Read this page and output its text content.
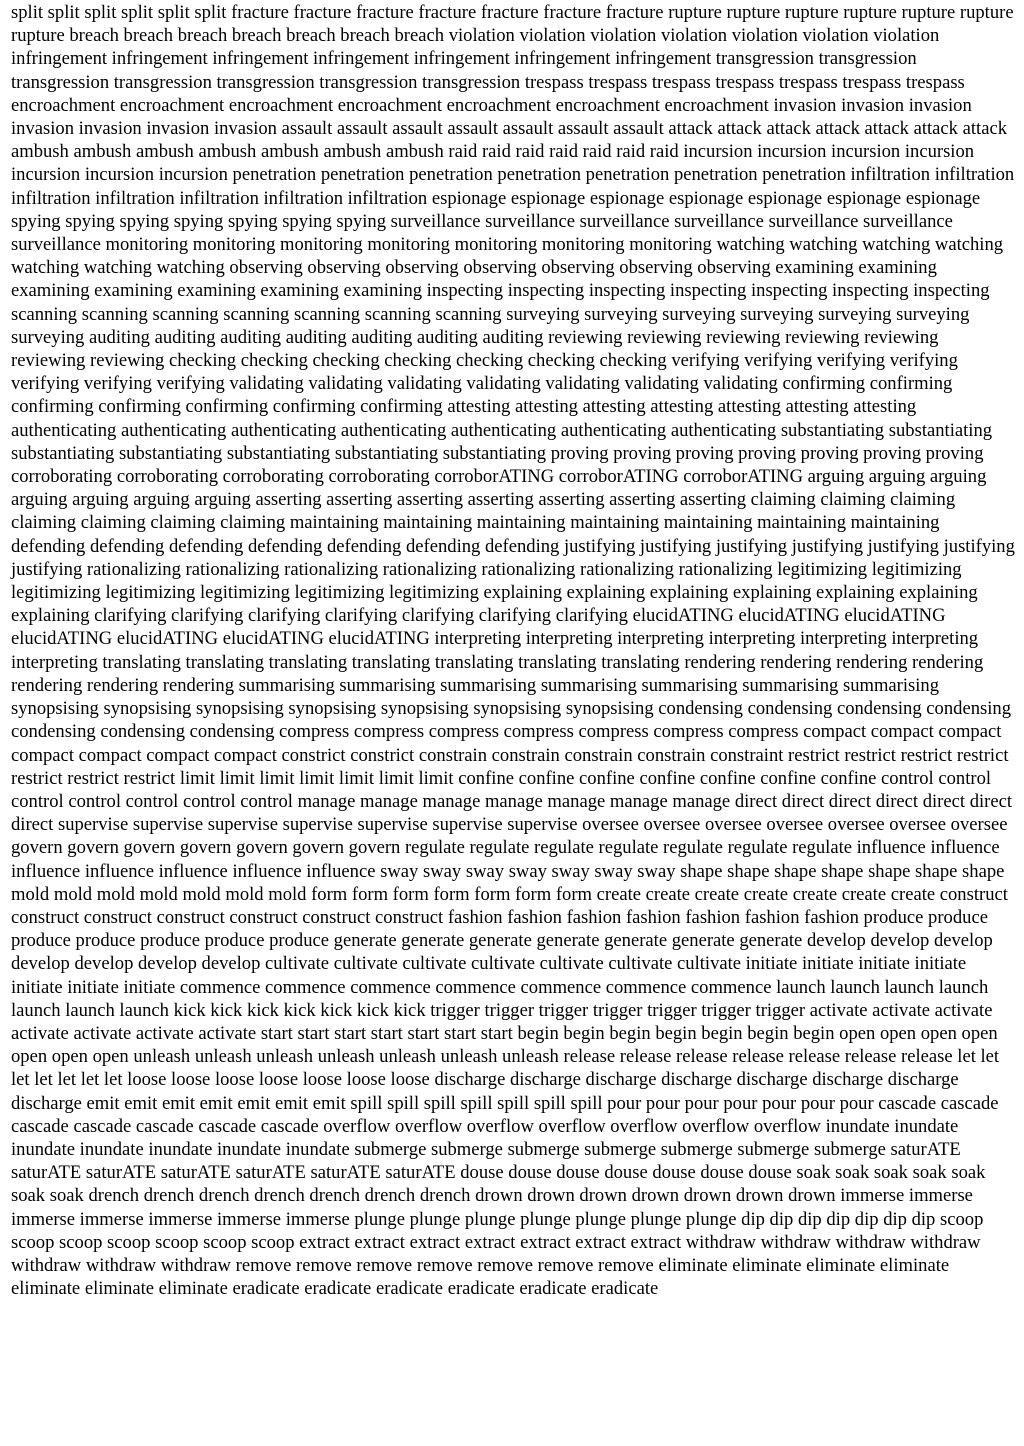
split split split split split split fracture fracture fracture fracture fracture fracture fracture rupture rupture rupture rupture rupture rupture rupture breach breach breach breach breach breach breach violation violation violation violation violation violation violation infringement infringement infringement infringement infringement infringement infringement transgression transgression transgression transgression transgression transgression transgression trespass trespass trespass trespass trespass trespass trespass encroachment encroachment encroachment encroachment encroachment encroachment encroachment invasion invasion invasion invasion invasion invasion invasion assault assault assault assault assault assault assault attack attack attack attack attack attack attack ambush ambush ambush ambush ambush ambush ambush raid raid raid raid raid raid raid incursion incursion incursion incursion incursion incursion incursion penetration penetration penetration penetration penetration penetration penetration infiltration infiltration infiltration infiltration infiltration infiltration infiltration espionage espionage espionage espionage espionage espionage espionage spying spying spying spying spying spying spying surveillance surveillance surveillance surveillance surveillance surveillance surveillance monitoring monitoring monitoring monitoring monitoring monitoring monitoring watching watching watching watching watching watching watching observing observing observing observing observing observing observing examining examining examining examining examining examining examining inspecting inspecting inspecting inspecting inspecting inspecting inspecting scanning scanning scanning scanning scanning scanning scanning surveying surveying surveying surveying surveying surveying surveying auditing auditing auditing auditing auditing auditing auditing reviewing reviewing reviewing reviewing reviewing reviewing reviewing checking checking checking checking checking checking checking verifying verifying verifying verifying verifying verifying verifying validating validating validating validating validating validating validating confirming confirming confirming confirming confirming confirming confirming attesting attesting attesting attesting attesting attesting attesting authenticating authenticating authenticating authenticating authenticating authenticating authenticating substantiating substantiating substantiating substantiating substantiating substantiating substantiating proving proving proving proving proving proving proving corroborating corroborating corroborating corroborating corroborATING corroborATING corroborATING arguing arguing arguing arguing arguing arguing arguing asserting asserting asserting asserting asserting asserting asserting claiming claiming claiming claiming claiming claiming claiming maintaining maintaining maintaining maintaining maintaining maintaining maintaining defending defending defending defending defending defending defending justifying justifying justifying justifying justifying justifying justifying rationalizing rationalizing rationalizing rationalizing rationalizing rationalizing rationalizing legitimizing legitimizing legitimizing legitimizing legitimizing legitimizing legitimizing explaining explaining explaining explaining explaining explaining explaining clarifying clarifying clarifying clarifying clarifying clarifying clarifying elucidATING elucidATING elucidATING elucidATING elucidATING elucidATING elucidATING interpreting interpreting interpreting interpreting interpreting interpreting interpreting translating translating translating translating translating translating translating rendering rendering rendering rendering rendering rendering rendering summarising summarising summarising summarising summarising summarising summarising synopsising synopsising synopsising synopsising synopsising synopsising synopsising condensing condensing condensing condensing condensing condensing condensing compress compress compress compress compress compress compress compact compact compact compact compact compact compact constrict constrict constrain constrain constrain constrain constraint restrict restrict restrict restrict restrict restrict restrict limit limit limit limit limit limit limit confine confine confine confine confine confine confine control control control control control control control manage manage manage manage manage manage manage direct direct direct direct direct direct direct supervise supervise supervise supervise supervise supervise supervise oversee oversee oversee oversee oversee oversee oversee govern govern govern govern govern govern govern regulate regulate regulate regulate regulate regulate regulate influence influence influence influence influence influence influence sway sway sway sway sway sway sway shape shape shape shape shape shape shape mold mold mold mold mold mold mold form form form form form form form create create create create create create create construct construct construct construct construct construct construct fashion fashion fashion fashion fashion fashion fashion produce produce produce produce produce produce produce generate generate generate generate generate generate generate develop develop develop develop develop develop develop cultivate cultivate cultivate cultivate cultivate cultivate cultivate initiate initiate initiate initiate initiate initiate initiate commence commence commence commence commence commence commence launch launch launch launch launch launch launch kick kick kick kick kick kick kick trigger trigger trigger trigger trigger trigger trigger activate activate activate activate activate activate activate start start start start start start start begin begin begin begin begin begin begin open open open open open open open unleash unleash unleash unleash unleash unleash unleash release release release release release release release let let let let let let let loose loose loose loose loose loose loose discharge discharge discharge discharge discharge discharge discharge discharge emit emit emit emit emit emit emit spill spill spill spill spill spill spill pour pour pour pour pour pour pour cascade cascade cascade cascade cascade cascade cascade overflow overflow overflow overflow overflow overflow overflow inundate inundate inundate inundate inundate inundate inundate submerge submerge submerge submerge submerge submerge submerge saturATE saturATE saturATE saturATE saturATE saturATE saturATE douse douse douse douse douse douse douse soak soak soak soak soak soak soak drench drench drench drench drench drench drench drown drown drown drown drown drown drown immerse immerse immerse immerse immerse immerse immerse plunge plunge plunge plunge plunge plunge plunge dip dip dip dip dip dip dip scoop scoop scoop scoop scoop scoop scoop extract extract extract extract extract extract extract withdraw withdraw withdraw withdraw withdraw withdraw withdraw remove remove remove remove remove remove remove eliminate eliminate eliminate eliminate eliminate eliminate eliminate eradicate eradicate eradicate eradicate eradicate eradicate
